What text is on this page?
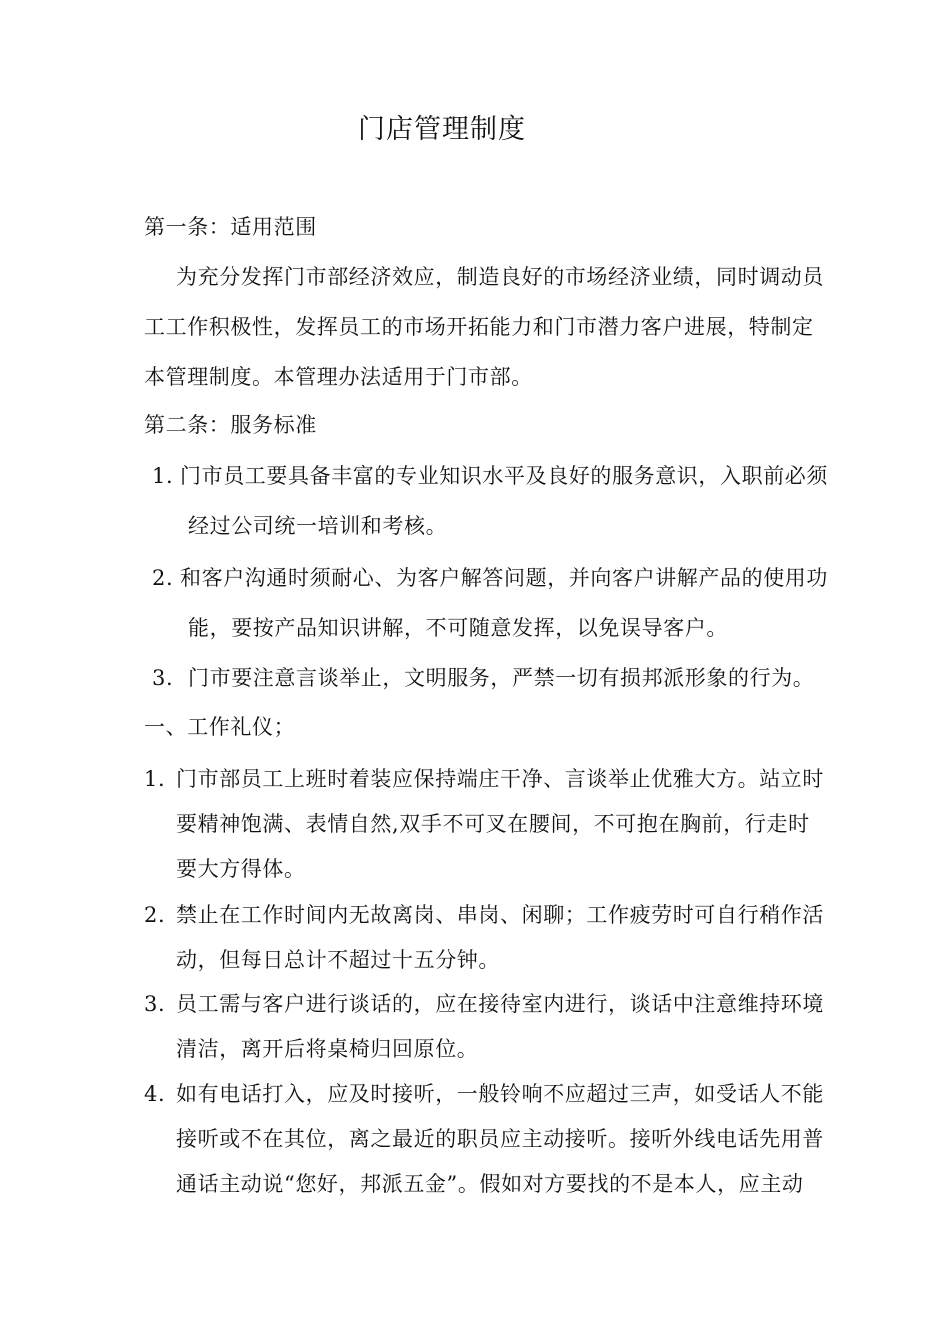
门店管理制度
第一条：适用范围
为充分发挥门市部经济效应，制造良好的市场经济业绩，同时调动员
工工作积极性，发挥员工的市场开拓能力和门市潜力客户进展，特制定
本管理制度。本管理办法适用于门市部。
第二条：服务标准
1. 门市员工要具备丰富的专业知识水平及良好的服务意识，入职前必须
经过公司统一培训和考核。
2. 和客户沟通时须耐心、为客户解答问题，并向客户讲解产品的使用功
能，要按产品知识讲解，不可随意发挥，以免误导客户。
3. 门市要注意言谈举止，文明服务，严禁一切有损邦派形象的行为。
一、工作礼仪；
1. 门市部员工上班时着装应保持端庄干净、言谈举止优雅大方。站立时
要精神饱满、表情自然,双手不可叉在腰间，不可抱在胸前，行走时
要大方得体。
2. 禁止在工作时间内无故离岗、串岗、闲聊；工作疲劳时可自行稍作活
动，但每日总计不超过十五分钟。
3. 员工需与客户进行谈话的，应在接待室内进行，谈话中注意维持环境
清洁，离开后将桌椅归回原位。
4. 如有电话打入，应及时接听，一般铃响不应超过三声，如受话人不能
接听或不在其位，离之最近的职员应主动接听。接听外线电话先用普
通话主动说“您好，邦派五金”。假如对方要找的不是本人，应主动
